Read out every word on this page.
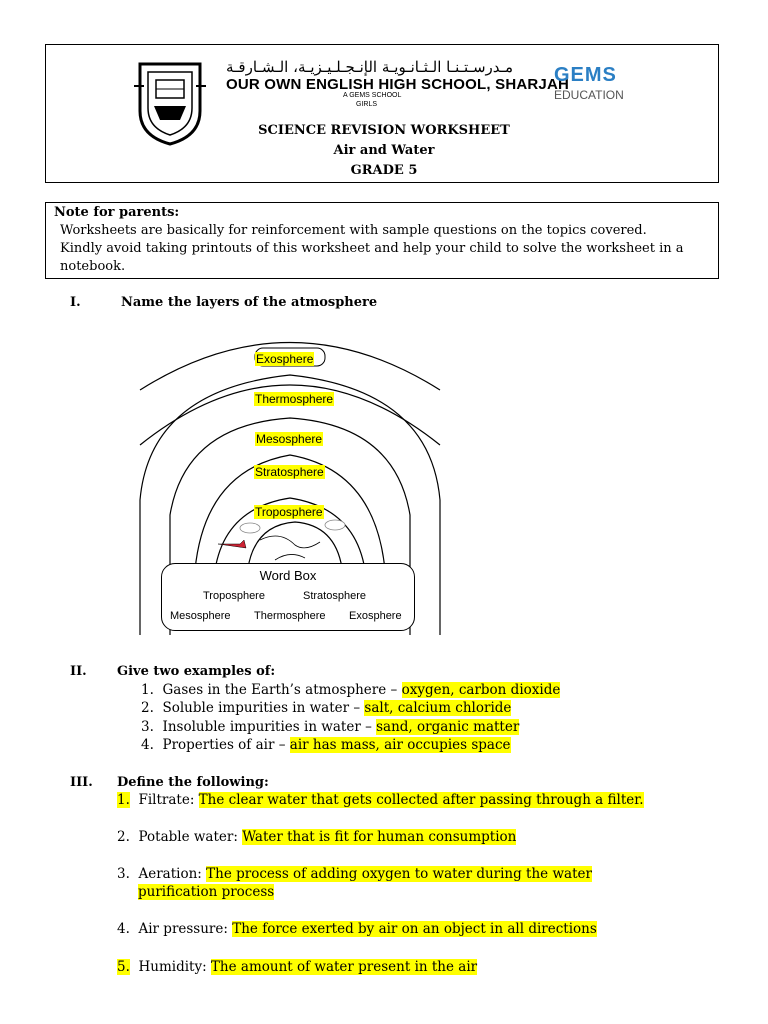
مـدرسـتـنـا الـثـانـويـة الإنـجـلـيـزيـة، الـشـارقـة
OUR OWN ENGLISH HIGH SCHOOL, SHARJAH
A GEMS SCHOOL
GIRLS
GEMS
EDUCATION
SCIENCE REVISION WORKSHEET
Air and Water
GRADE 5
Note for parents:
Worksheets are basically for reinforcement with sample questions on the topics covered.
Kindly avoid taking printouts of this worksheet and help your child to solve the worksheet in a
notebook.
I.	Name the layers of the atmosphere
Exosphere
Thermosphere
Mesosphere
Stratosphere
Troposphere
Word Box
Troposphere	Stratosphere
Mesosphere Thermosphere Exosphere
II. Give two examples of:
1. Gases in the Earth’s atmosphere – oxygen, carbon dioxide
2. Soluble impurities in water – salt, calcium chloride
3. Insoluble impurities in water – sand, organic matter
4. Properties of air – air has mass, air occupies space
III. Define the following:
1. Filtrate: The clear water that gets collected after passing through a filter.
2. Potable water: Water that is fit for human consumption
3. Aeration: The process of adding oxygen to water during the water
purification process
4. Air pressure: The force exerted by air on an object in all directions
5. Humidity: The amount of water present in the air
